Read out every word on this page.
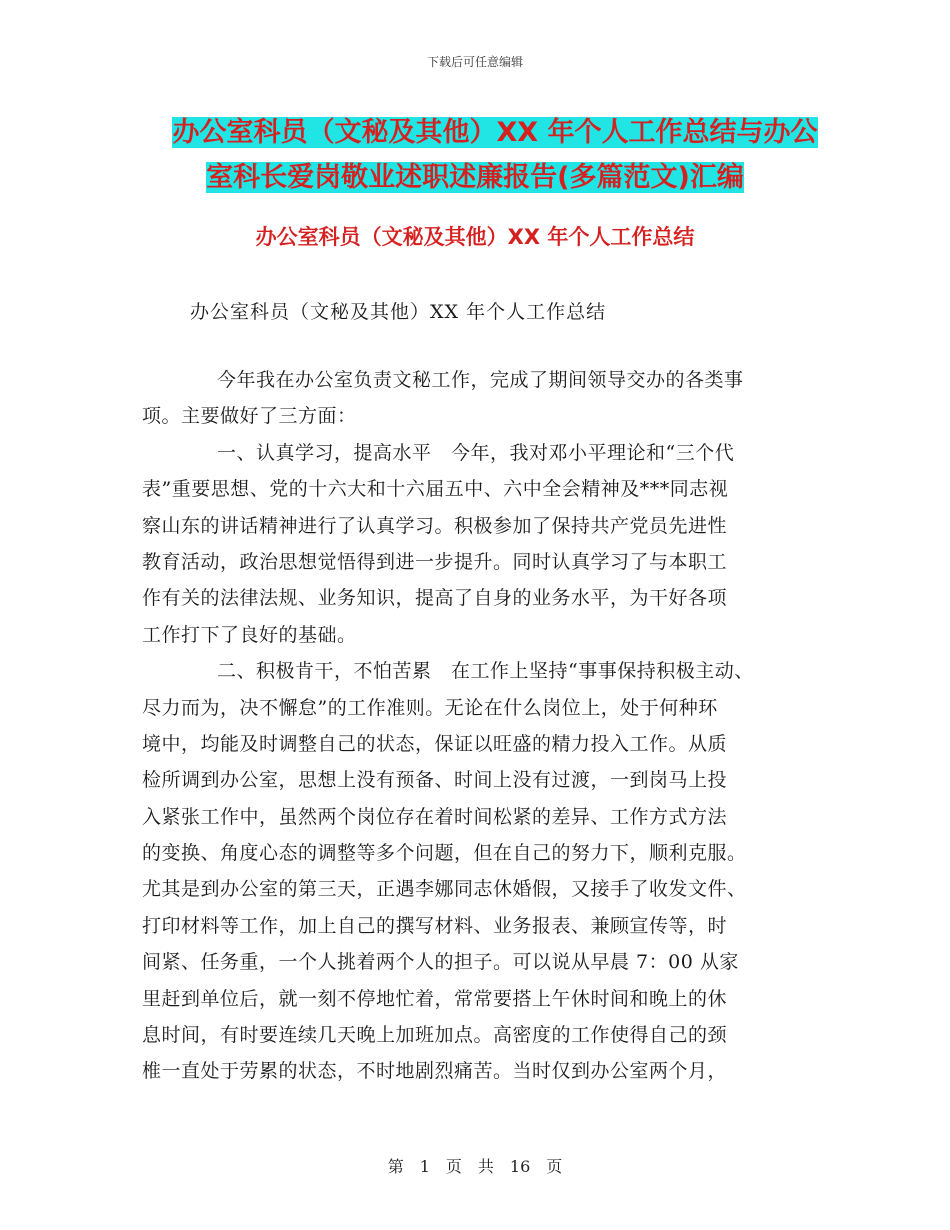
下载后可任意编辑
办公室科员（文秘及其他）XX 年个人工作总结与办公
室科长爱岗敬业述职述廉报告(多篇范文)汇编
办公室科员（文秘及其他）XX 年个人工作总结
办公室科员（文秘及其他）XX 年个人工作总结
今年我在办公室负责文秘工作，完成了期间领导交办的各类事
项。主要做好了三方面：
一、认真学习，提高水平　今年，我对邓小平理论和“三个代
表”重要思想、党的十六大和十六届五中、六中全会精神及***同志视
察山东的讲话精神进行了认真学习。积极参加了保持共产党员先进性
教育活动，政治思想觉悟得到进一步提升。同时认真学习了与本职工
作有关的法律法规、业务知识，提高了自身的业务水平，为干好各项
工作打下了良好的基础。
二、积极肯干，不怕苦累　在工作上坚持“事事保持积极主动、
尽力而为，决不懈怠”的工作准则。无论在什么岗位上，处于何种环
境中，均能及时调整自己的状态，保证以旺盛的精力投入工作。从质
检所调到办公室，思想上没有预备、时间上没有过渡，一到岗马上投
入紧张工作中，虽然两个岗位存在着时间松紧的差异、工作方式方法
的变换、角度心态的调整等多个问题，但在自己的努力下，顺利克服。
尤其是到办公室的第三天，正遇李娜同志休婚假，又接手了收发文件、
打印材料等工作，加上自己的撰写材料、业务报表、兼顾宣传等，时
间紧、任务重，一个人挑着两个人的担子。可以说从早晨 7：00 从家
里赶到单位后，就一刻不停地忙着，常常要搭上午休时间和晚上的休
息时间，有时要连续几天晚上加班加点。高密度的工作使得自己的颈
椎一直处于劳累的状态，不时地剧烈痛苦。当时仅到办公室两个月，
第　1　页　共　16　页
